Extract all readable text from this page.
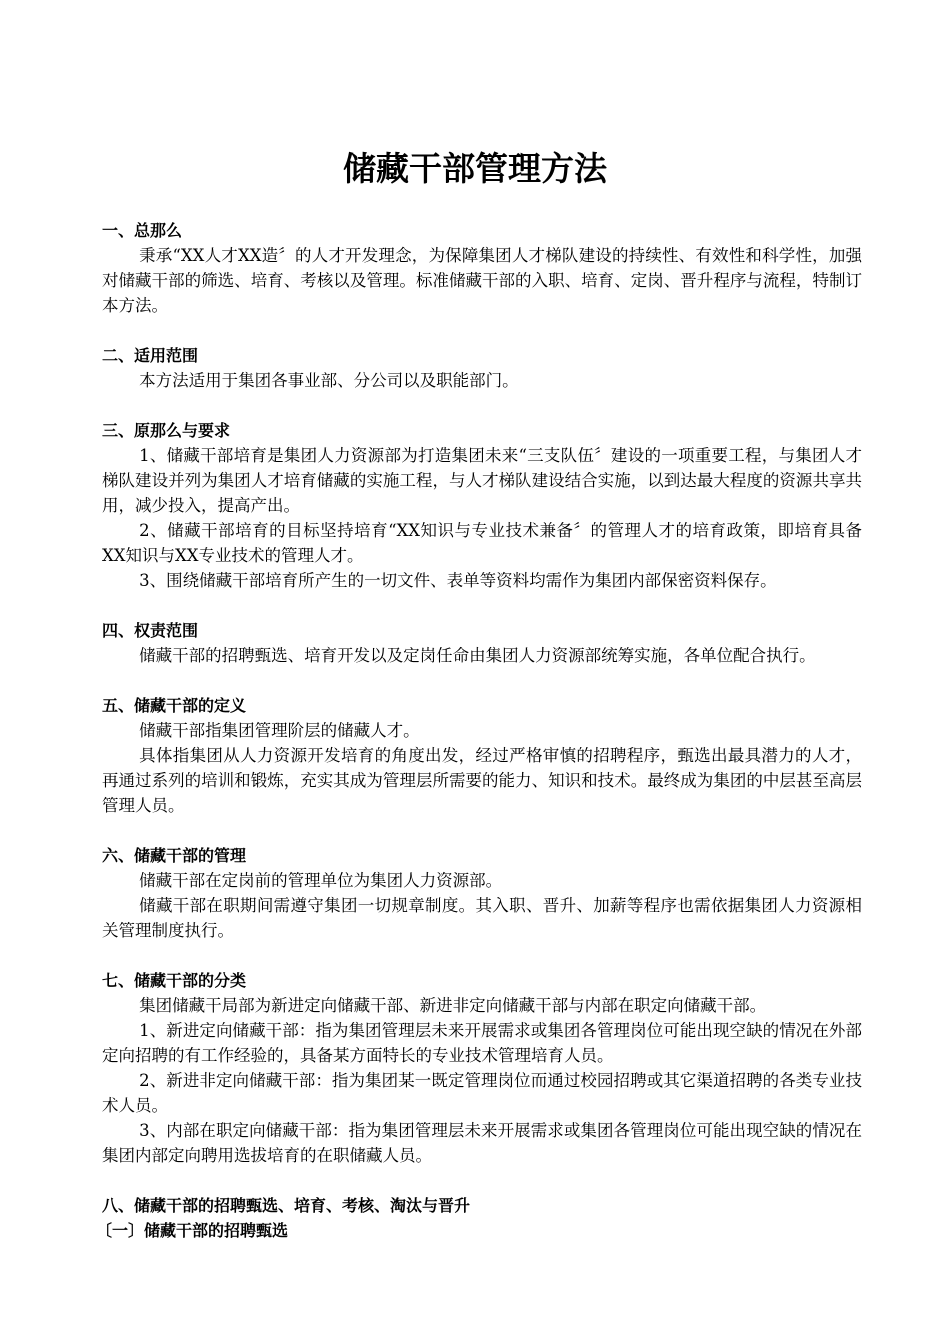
储藏干部管理方法
一、总那么

秉承“XX人才XX造〞的人才开发理念，为保障集团人才梯队建设的持续性、有效性和科学性，加强对储藏干部的筛选、培育、考核以及管理。标准储藏干部的入职、培育、定岗、晋升程序与流程，特制订本方法。

二、适用范围

本方法适用于集团各事业部、分公司以及职能部门。

三、原那么与要求

1、储藏干部培育是集团人力资源部为打造集团未来“三支队伍〞建设的一项重要工程，与集团人才梯队建设并列为集团人才培育储藏的实施工程，与人才梯队建设结合实施，以到达最大程度的资源共享共用，减少投入，提高产出。

2、储藏干部培育的目标坚持培育“XX知识与专业技术兼备〞的管理人才的培育政策，即培育具备XX知识与XX专业技术的管理人才。

3、围绕储藏干部培育所产生的一切文件、表单等资料均需作为集团内部保密资料保存。

四、权责范围

储藏干部的招聘甄选、培育开发以及定岗任命由集团人力资源部统筹实施，各单位配合执行。

五、储藏干部的定义

储藏干部指集团管理阶层的储藏人才。

具体指集团从人力资源开发培育的角度出发，经过严格审慎的招聘程序，甄选出最具潜力的人才，再通过系列的培训和锻炼，充实其成为管理层所需要的能力、知识和技术。最终成为集团的中层甚至高层管理人员。

六、储藏干部的管理

储藏干部在定岗前的管理单位为集团人力资源部。

储藏干部在职期间需遵守集团一切规章制度。其入职、晋升、加薪等程序也需依据集团人力资源相关管理制度执行。

七、储藏干部的分类

集团储藏干局部为新进定向储藏干部、新进非定向储藏干部与内部在职定向储藏干部。

1、新进定向储藏干部：指为集团管理层未来开展需求或集团各管理岗位可能出现空缺的情况在外部定向招聘的有工作经验的，具备某方面特长的专业技术管理培育人员。

2、新进非定向储藏干部：指为集团某一既定管理岗位而通过校园招聘或其它渠道招聘的各类专业技术人员。

3、内部在职定向储藏干部：指为集团管理层未来开展需求或集团各管理岗位可能出现空缺的情况在集团内部定向聘用选拔培育的在职储藏人员。

八、储藏干部的招聘甄选、培育、考核、淘汰与晋升
〔一〕储藏干部的招聘甄选
